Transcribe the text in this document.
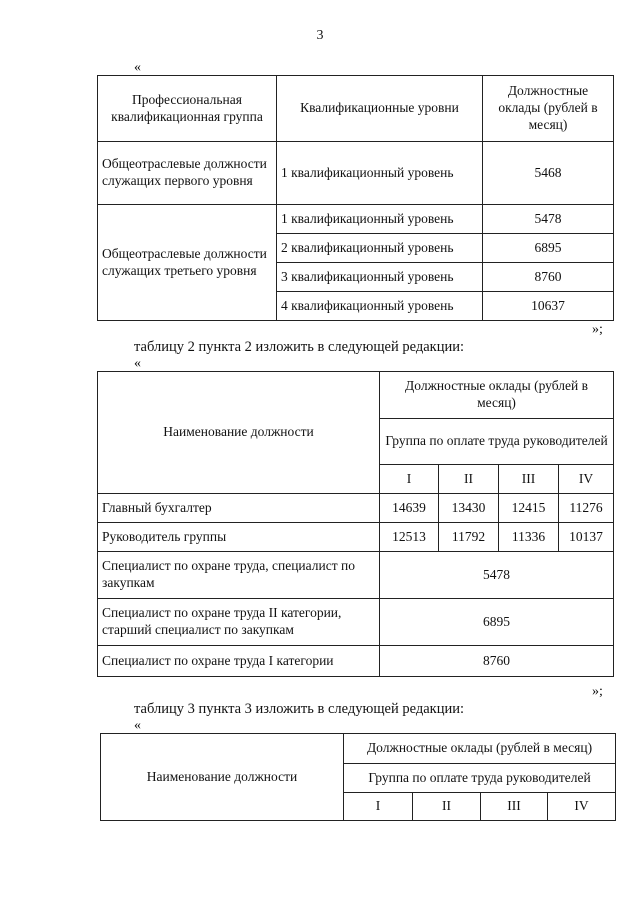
3
«
Профессиональная квалификационная группа	Квалификационные уровни	Должностные оклады (рублей в месяц)
Общеотраслевые должности служащих первого уровня	1 квалификационный уровень	5468
Общеотраслевые должности служащих третьего уровня	1 квалификационный уровень	5478
	2 квалификационный уровень	6895
	3 квалификационный уровень	8760
	4 квалификационный уровень	10637
»;
таблицу 2 пункта 2 изложить в следующей редакции:
«
Наименование должности	Должностные оклады (рублей в месяц)			
	Группа по оплате труда руководителей			
	I	II	III	IV
Главный бухгалтер	14639	13430	12415	11276
Руководитель группы	12513	11792	11336	10137
Специалист по охране труда, специалист по закупкам	5478			
Специалист по охране труда II категории, старший специалист по закупкам	6895			
Специалист по охране труда I категории	8760			
»;
таблицу 3 пункта 3 изложить в следующей редакции:
«
Наименование должности	Должностные оклады (рублей в месяц)			
	Группа по оплате труда руководителей			
	I	II	III	IV
